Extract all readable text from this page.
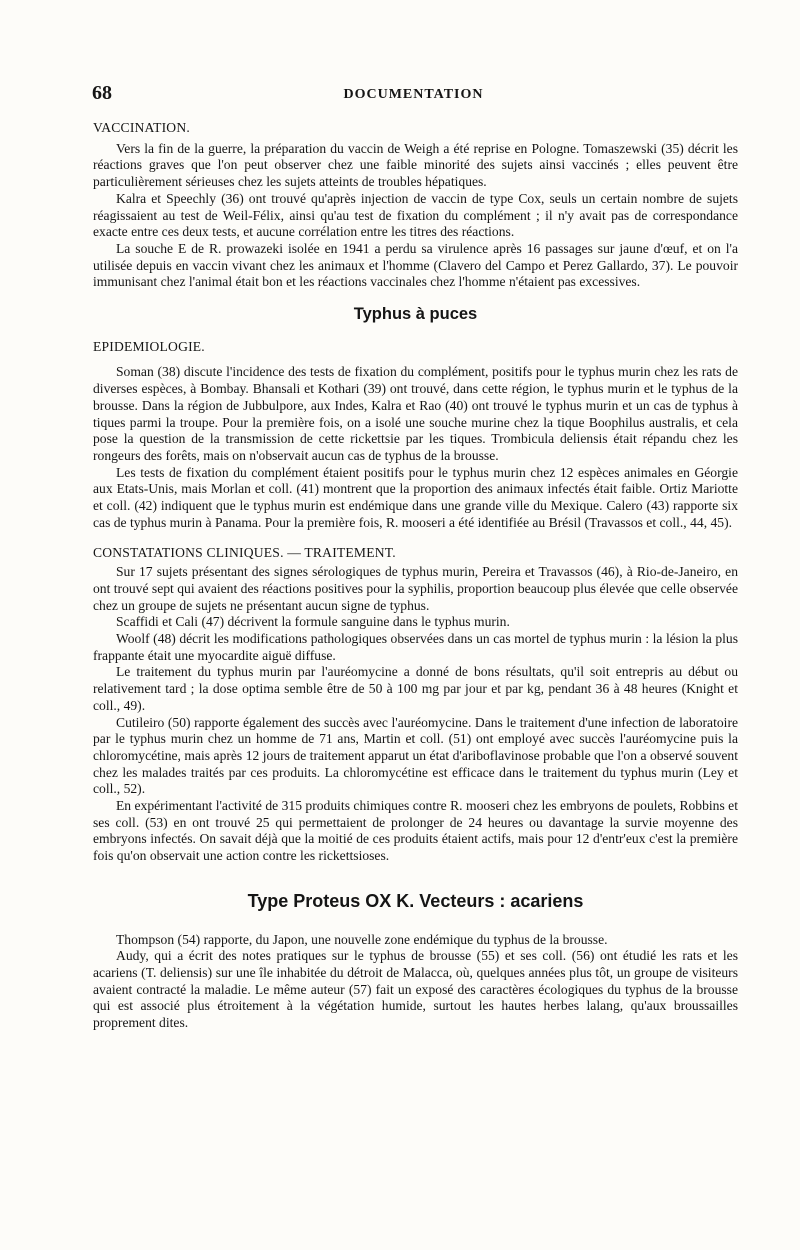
68	DOCUMENTATION
VACCINATION.

Vers la fin de la guerre, la préparation du vaccin de Weigh a été reprise en Pologne. Tomaszewski (35) décrit les réactions graves que l'on peut observer chez une faible minorité des sujets ainsi vaccinés ; elles peuvent être particulièrement sérieuses chez les sujets atteints de troubles hépatiques.

Kalra et Speechly (36) ont trouvé qu'après injection de vaccin de type Cox, seuls un certain nombre de sujets réagissaient au test de Weil-Félix, ainsi qu'au test de fixation du complément ; il n'y avait pas de correspondance exacte entre ces deux tests, et aucune corrélation entre les titres des réactions.

La souche E de R. prowazeki isolée en 1941 a perdu sa virulence après 16 passages sur jaune d'œuf, et on l'a utilisée depuis en vaccin vivant chez les animaux et l'homme (Clavero del Campo et Perez Gallardo, 37). Le pouvoir immunisant chez l'animal était bon et les réactions vaccinales chez l'homme n'étaient pas excessives.

Typhus à puces
EPIDEMIOLOGIE.

Soman (38) discute l'incidence des tests de fixation du complément, positifs pour le typhus murin chez les rats de diverses espèces, à Bombay. Bhansali et Kothari (39) ont trouvé, dans cette région, le typhus murin et le typhus de la brousse. Dans la région de Jubbulpore, aux Indes, Kalra et Rao (40) ont trouvé le typhus murin et un cas de typhus à tiques parmi la troupe. Pour la première fois, on a isolé une souche murine chez la tique Boophilus australis, et cela pose la question de la transmission de cette rickettsie par les tiques. Trombicula deliensis était répandu chez les rongeurs des forêts, mais on n'observait aucun cas de typhus de la brousse.

Les tests de fixation du complément étaient positifs pour le typhus murin chez 12 espèces animales en Géorgie aux Etats-Unis, mais Morlan et coll. (41) montrent que la proportion des animaux infectés était faible. Ortiz Mariotte et coll. (42) indiquent que le typhus murin est endémique dans une grande ville du Mexique. Calero (43) rapporte six cas de typhus murin à Panama. Pour la première fois, R. mooseri a été identifiée au Brésil (Travassos et coll., 44, 45).

CONSTATATIONS CLINIQUES. — TRAITEMENT.

Sur 17 sujets présentant des signes sérologiques de typhus murin, Pereira et Travassos (46), à Rio-de-Janeiro, en ont trouvé sept qui avaient des réactions positives pour la syphilis, proportion beaucoup plus élevée que celle observée chez un groupe de sujets ne présentant aucun signe de typhus.

Scaffidi et Cali (47) décrivent la formule sanguine dans le typhus murin.

Woolf (48) décrit les modifications pathologiques observées dans un cas mortel de typhus murin : la lésion la plus frappante était une myocardite aiguë diffuse.

Le traitement du typhus murin par l'auréomycine a donné de bons résultats, qu'il soit entrepris au début ou relativement tard ; la dose optima semble être de 50 à 100 mg par jour et par kg, pendant 36 à 48 heures (Knight et coll., 49).

Cutileiro (50) rapporte également des succès avec l'auréomycine. Dans le traitement d'une infection de laboratoire par le typhus murin chez un homme de 71 ans, Martin et coll. (51) ont employé avec succès l'auréomycine puis la chloromycétine, mais après 12 jours de traitement apparut un état d'ariboflavinose probable que l'on a observé souvent chez les malades traités par ces produits. La chloromycétine est efficace dans le traitement du typhus murin (Ley et coll., 52).

En expérimentant l'activité de 315 produits chimiques contre R. mooseri chez les embryons de poulets, Robbins et ses coll. (53) en ont trouvé 25 qui permettaient de prolonger de 24 heures ou davantage la survie moyenne des embryons infectés. On savait déjà que la moitié de ces produits étaient actifs, mais pour 12 d'entr'eux c'est la première fois qu'on observait une action contre les rickettsioses.

Type Proteus OX K. Vecteurs : acariens

Thompson (54) rapporte, du Japon, une nouvelle zone endémique du typhus de la brousse.

Audy, qui a écrit des notes pratiques sur le typhus de brousse (55) et ses coll. (56) ont étudié les rats et les acariens (T. deliensis) sur une île inhabitée du détroit de Malacca, où, quelques années plus tôt, un groupe de visiteurs avaient contracté la maladie. Le même auteur (57) fait un exposé des caractères écologiques du typhus de la brousse qui est associé plus étroitement à la végétation humide, surtout les hautes herbes lalang, qu'aux broussailles proprement dites.
